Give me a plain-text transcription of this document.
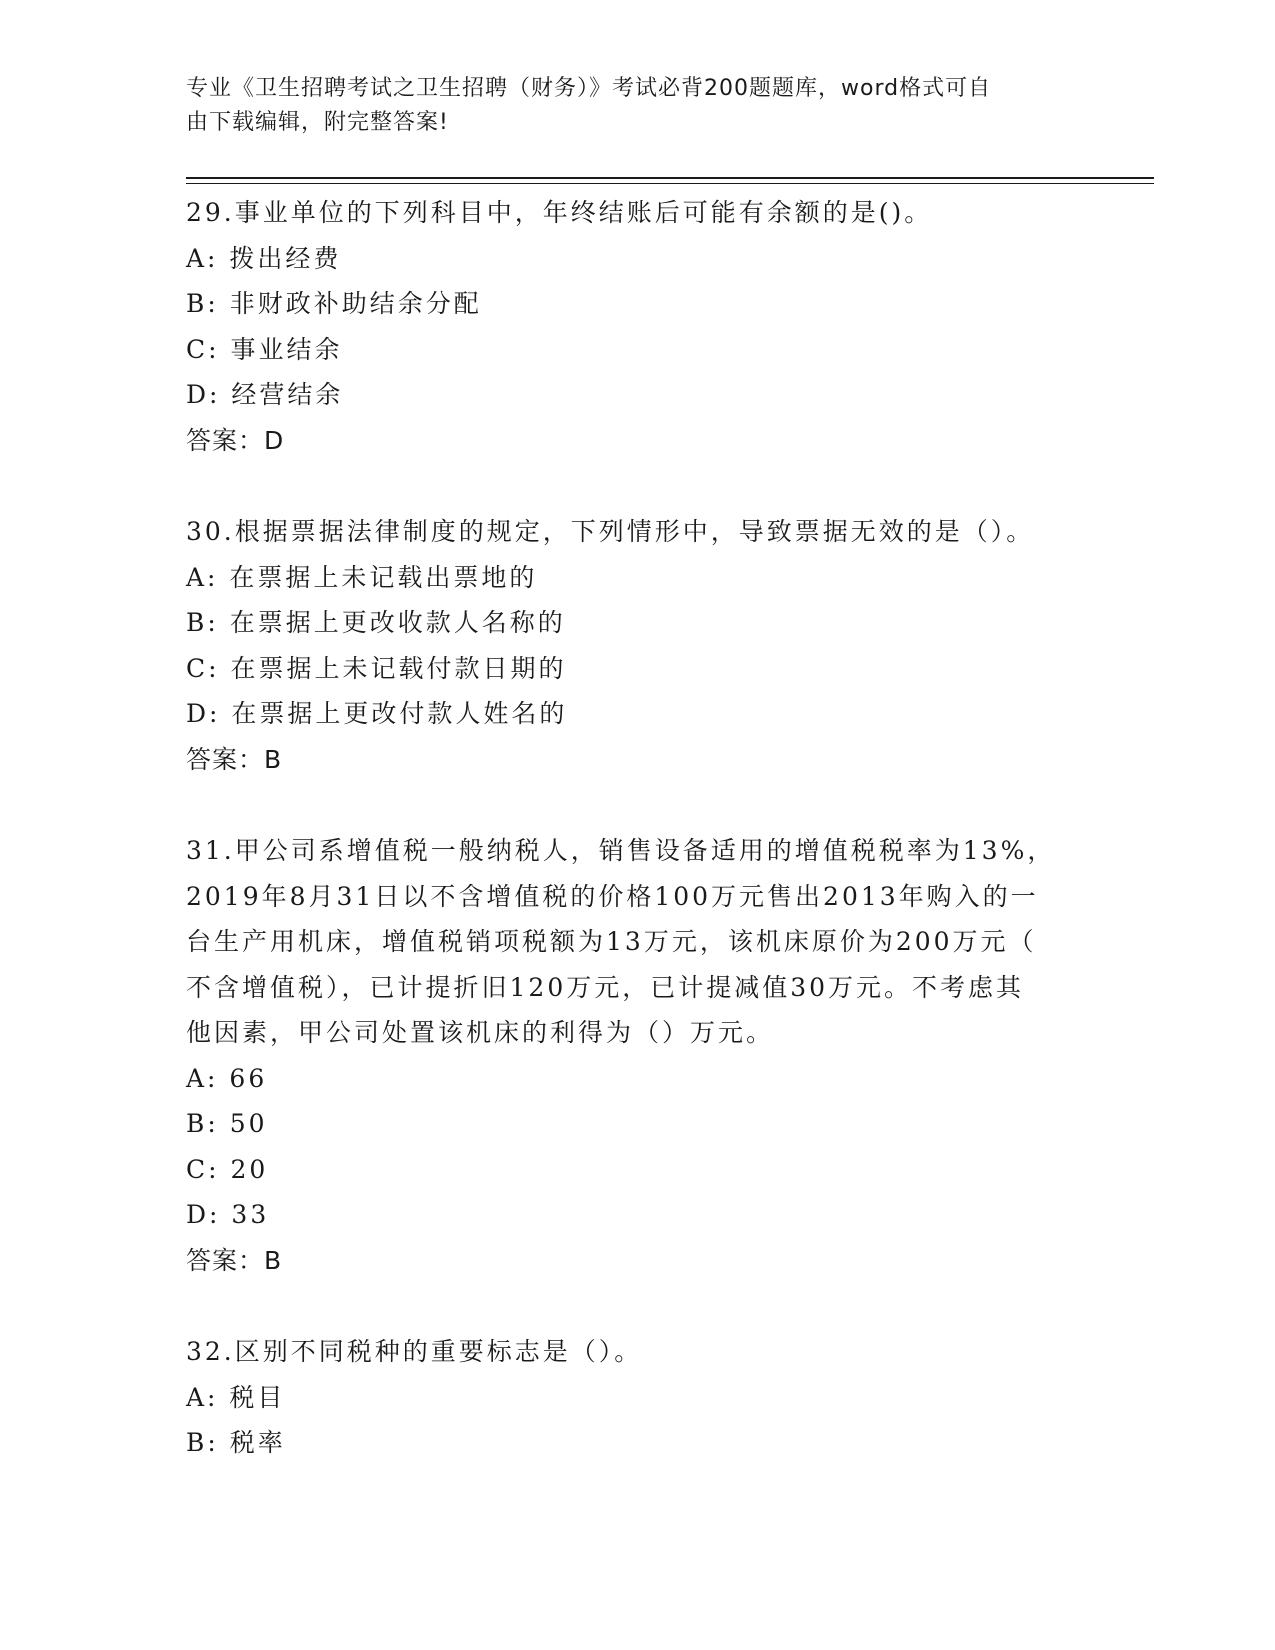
专业《卫生招聘考试之卫生招聘（财务）》考试必背200题题库，word格式可自
由下载编辑，附完整答案!
29.事业单位的下列科目中，年终结账后可能有余额的是()。
A: 拨出经费
B: 非财政补助结余分配
C: 事业结余
D: 经营结余
答案：D
30.根据票据法律制度的规定，下列情形中，导致票据无效的是（）。
A: 在票据上未记载出票地的
B: 在票据上更改收款人名称的
C: 在票据上未记载付款日期的
D: 在票据上更改付款人姓名的
答案：B
31.甲公司系增值税一般纳税人，销售设备适用的增值税税率为13%，
2019年8月31日以不含增值税的价格100万元售出2013年购入的一
台生产用机床，增值税销项税额为13万元，该机床原价为200万元（
不含增值税），已计提折旧120万元，已计提减值30万元。不考虑其
他因素，甲公司处置该机床的利得为（）万元。
A: 66
B: 50
C: 20
D: 33
答案：B
32.区别不同税种的重要标志是（）。
A: 税目
B: 税率
